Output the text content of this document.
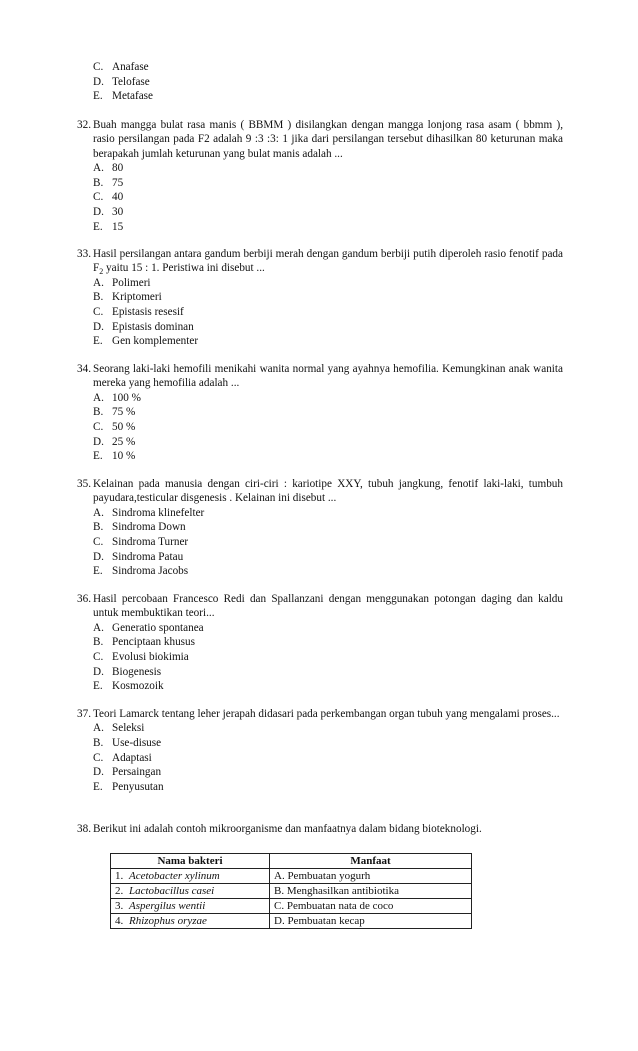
C. Anafase
D. Telofase
E. Metafase
32. Buah mangga bulat rasa manis ( BBMM ) disilangkan dengan mangga lonjong rasa asam ( bbmm ), rasio persilangan pada F2 adalah 9 :3 :3: 1 jika dari persilangan tersebut dihasilkan 80 keturunan maka berapakah jumlah keturunan yang bulat manis adalah ...
A. 80
B. 75
C. 40
D. 30
E. 15
33. Hasil persilangan antara gandum berbiji merah dengan gandum berbiji putih diperoleh rasio fenotif pada $F_2$ yaitu 15 : 1. Peristiwa ini disebut ...
A. Polimeri
B. Kriptomeri
C. Epistasis resesif
D. Epistasis dominan
E. Gen komplementer
34. Seorang laki-laki hemofili menikahi wanita normal yang ayahnya hemofilia. Kemungkinan anak wanita mereka yang hemofilia adalah ...
A. 100 %
B. 75 %
C. 50 %
D. 25 %
E. 10 %
35. Kelainan pada manusia dengan ciri-ciri : kariotipe XXY, tubuh jangkung, fenotif laki-laki, tumbuh payudara,testicular disgenesis . Kelainan ini disebut ...
A. Sindroma klinefelter
B. Sindroma Down
C. Sindroma Turner
D. Sindroma Patau
E. Sindroma Jacobs
36. Hasil percobaan Francesco Redi dan Spallanzani dengan menggunakan potongan daging dan kaldu untuk membuktikan teori...
A. Generatio spontanea
B. Penciptaan khusus
C. Evolusi biokimia
D. Biogenesis
E. Kosmozoik
37. Teori Lamarck tentang leher jerapah didasari pada perkembangan organ tubuh yang mengalami proses...
A. Seleksi
B. Use-disuse
C. Adaptasi
D. Persaingan
E. Penyusutan
38. Berikut ini adalah contoh mikroorganisme dan manfaatnya dalam bidang bioteknologi.
Nama bakteri	Manfaat
1. Acetobacter xylinum	A. Pembuatan yogurh
2. Lactobacillus casei	B. Menghasilkan antibiotika
3. Aspergilus wentii	C. Pembuatan nata de coco
4. Rhizophus oryzae	D. Pembuatan kecap
